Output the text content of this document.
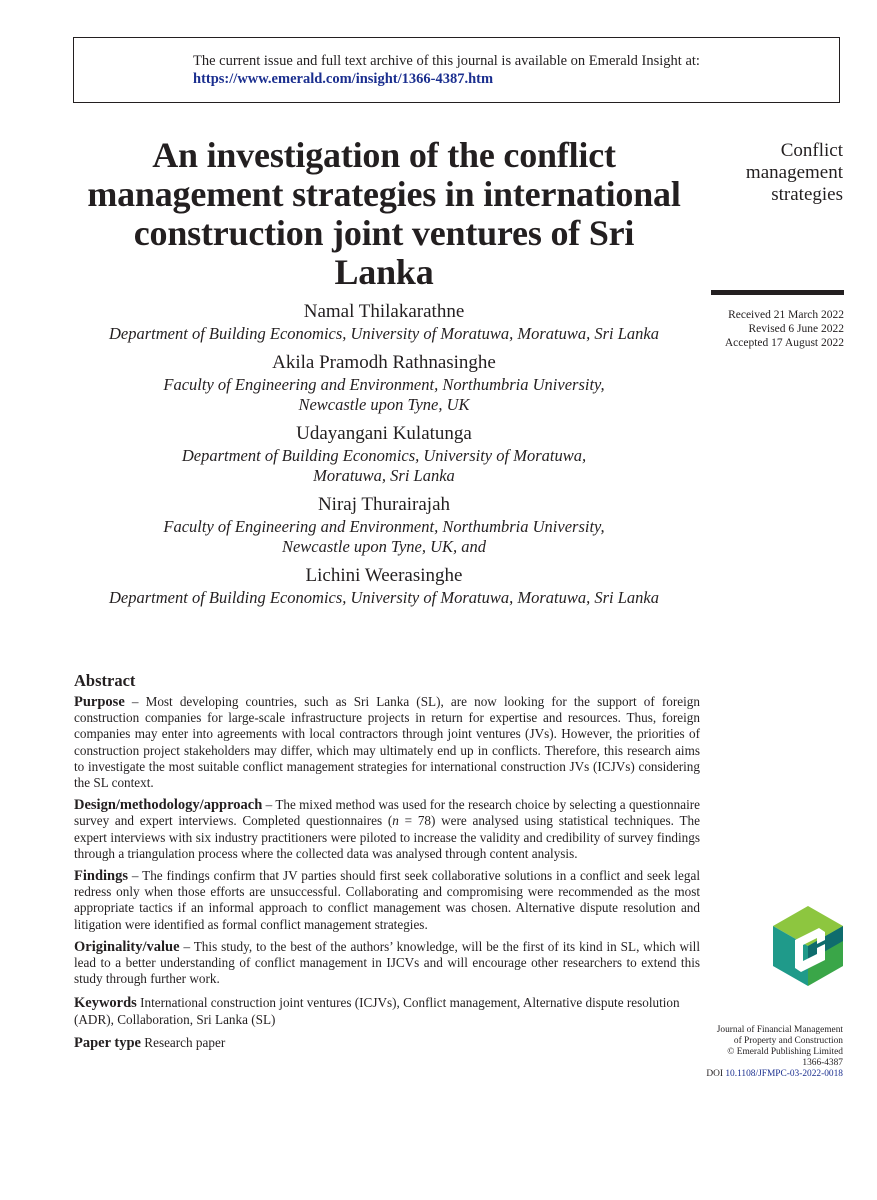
The current issue and full text archive of this journal is available on Emerald Insight at:
https://www.emerald.com/insight/1366-4387.htm
An investigation of the conflict management strategies in international construction joint ventures of Sri Lanka
Conflict
management
strategies
Received 21 March 2022
Revised 6 June 2022
Accepted 17 August 2022
Namal Thilakarathne
Department of Building Economics, University of Moratuwa, Moratuwa, Sri Lanka
Akila Pramodh Rathnasinghe
Faculty of Engineering and Environment, Northumbria University,
Newcastle upon Tyne, UK
Udayangani Kulatunga
Department of Building Economics, University of Moratuwa,
Moratuwa, Sri Lanka
Niraj Thurairajah
Faculty of Engineering and Environment, Northumbria University,
Newcastle upon Tyne, UK, and
Lichini Weerasinghe
Department of Building Economics, University of Moratuwa, Moratuwa, Sri Lanka
Abstract

Purpose – Most developing countries, such as Sri Lanka (SL), are now looking for the support of foreign construction companies for large-scale infrastructure projects in return for expertise and resources. Thus, foreign companies may enter into agreements with local contractors through joint ventures (JVs). However, the priorities of construction project stakeholders may differ, which may ultimately end up in conflicts. Therefore, this research aims to investigate the most suitable conflict management strategies for international construction JVs (ICJVs) considering the SL context.

Design/methodology/approach – The mixed method was used for the research choice by selecting a questionnaire survey and expert interviews. Completed questionnaires (n = 78) were analysed using statistical techniques. The expert interviews with six industry practitioners were piloted to increase the validity and credibility of survey findings through a triangulation process where the collected data was analysed through content analysis.

Findings – The findings confirm that JV parties should first seek collaborative solutions in a conflict and seek legal redress only when those efforts are unsuccessful. Collaborating and compromising were recommended as the most appropriate tactics if an informal approach to conflict management was chosen. Alternative dispute resolution and litigation were identified as formal conflict management strategies.

Originality/value – This study, to the best of the authors’ knowledge, will be the first of its kind in SL, which will lead to a better understanding of conflict management in IJCVs and will encourage other researchers to extend this study through further work.

Keywords International construction joint ventures (ICJVs), Conflict management, Alternative dispute resolution (ADR), Collaboration, Sri Lanka (SL)

Paper type Research paper

Journal of Financial Management
of Property and Construction
© Emerald Publishing Limited
1366-4387
DOI 10.1108/JFMPC-03-2022-0018
